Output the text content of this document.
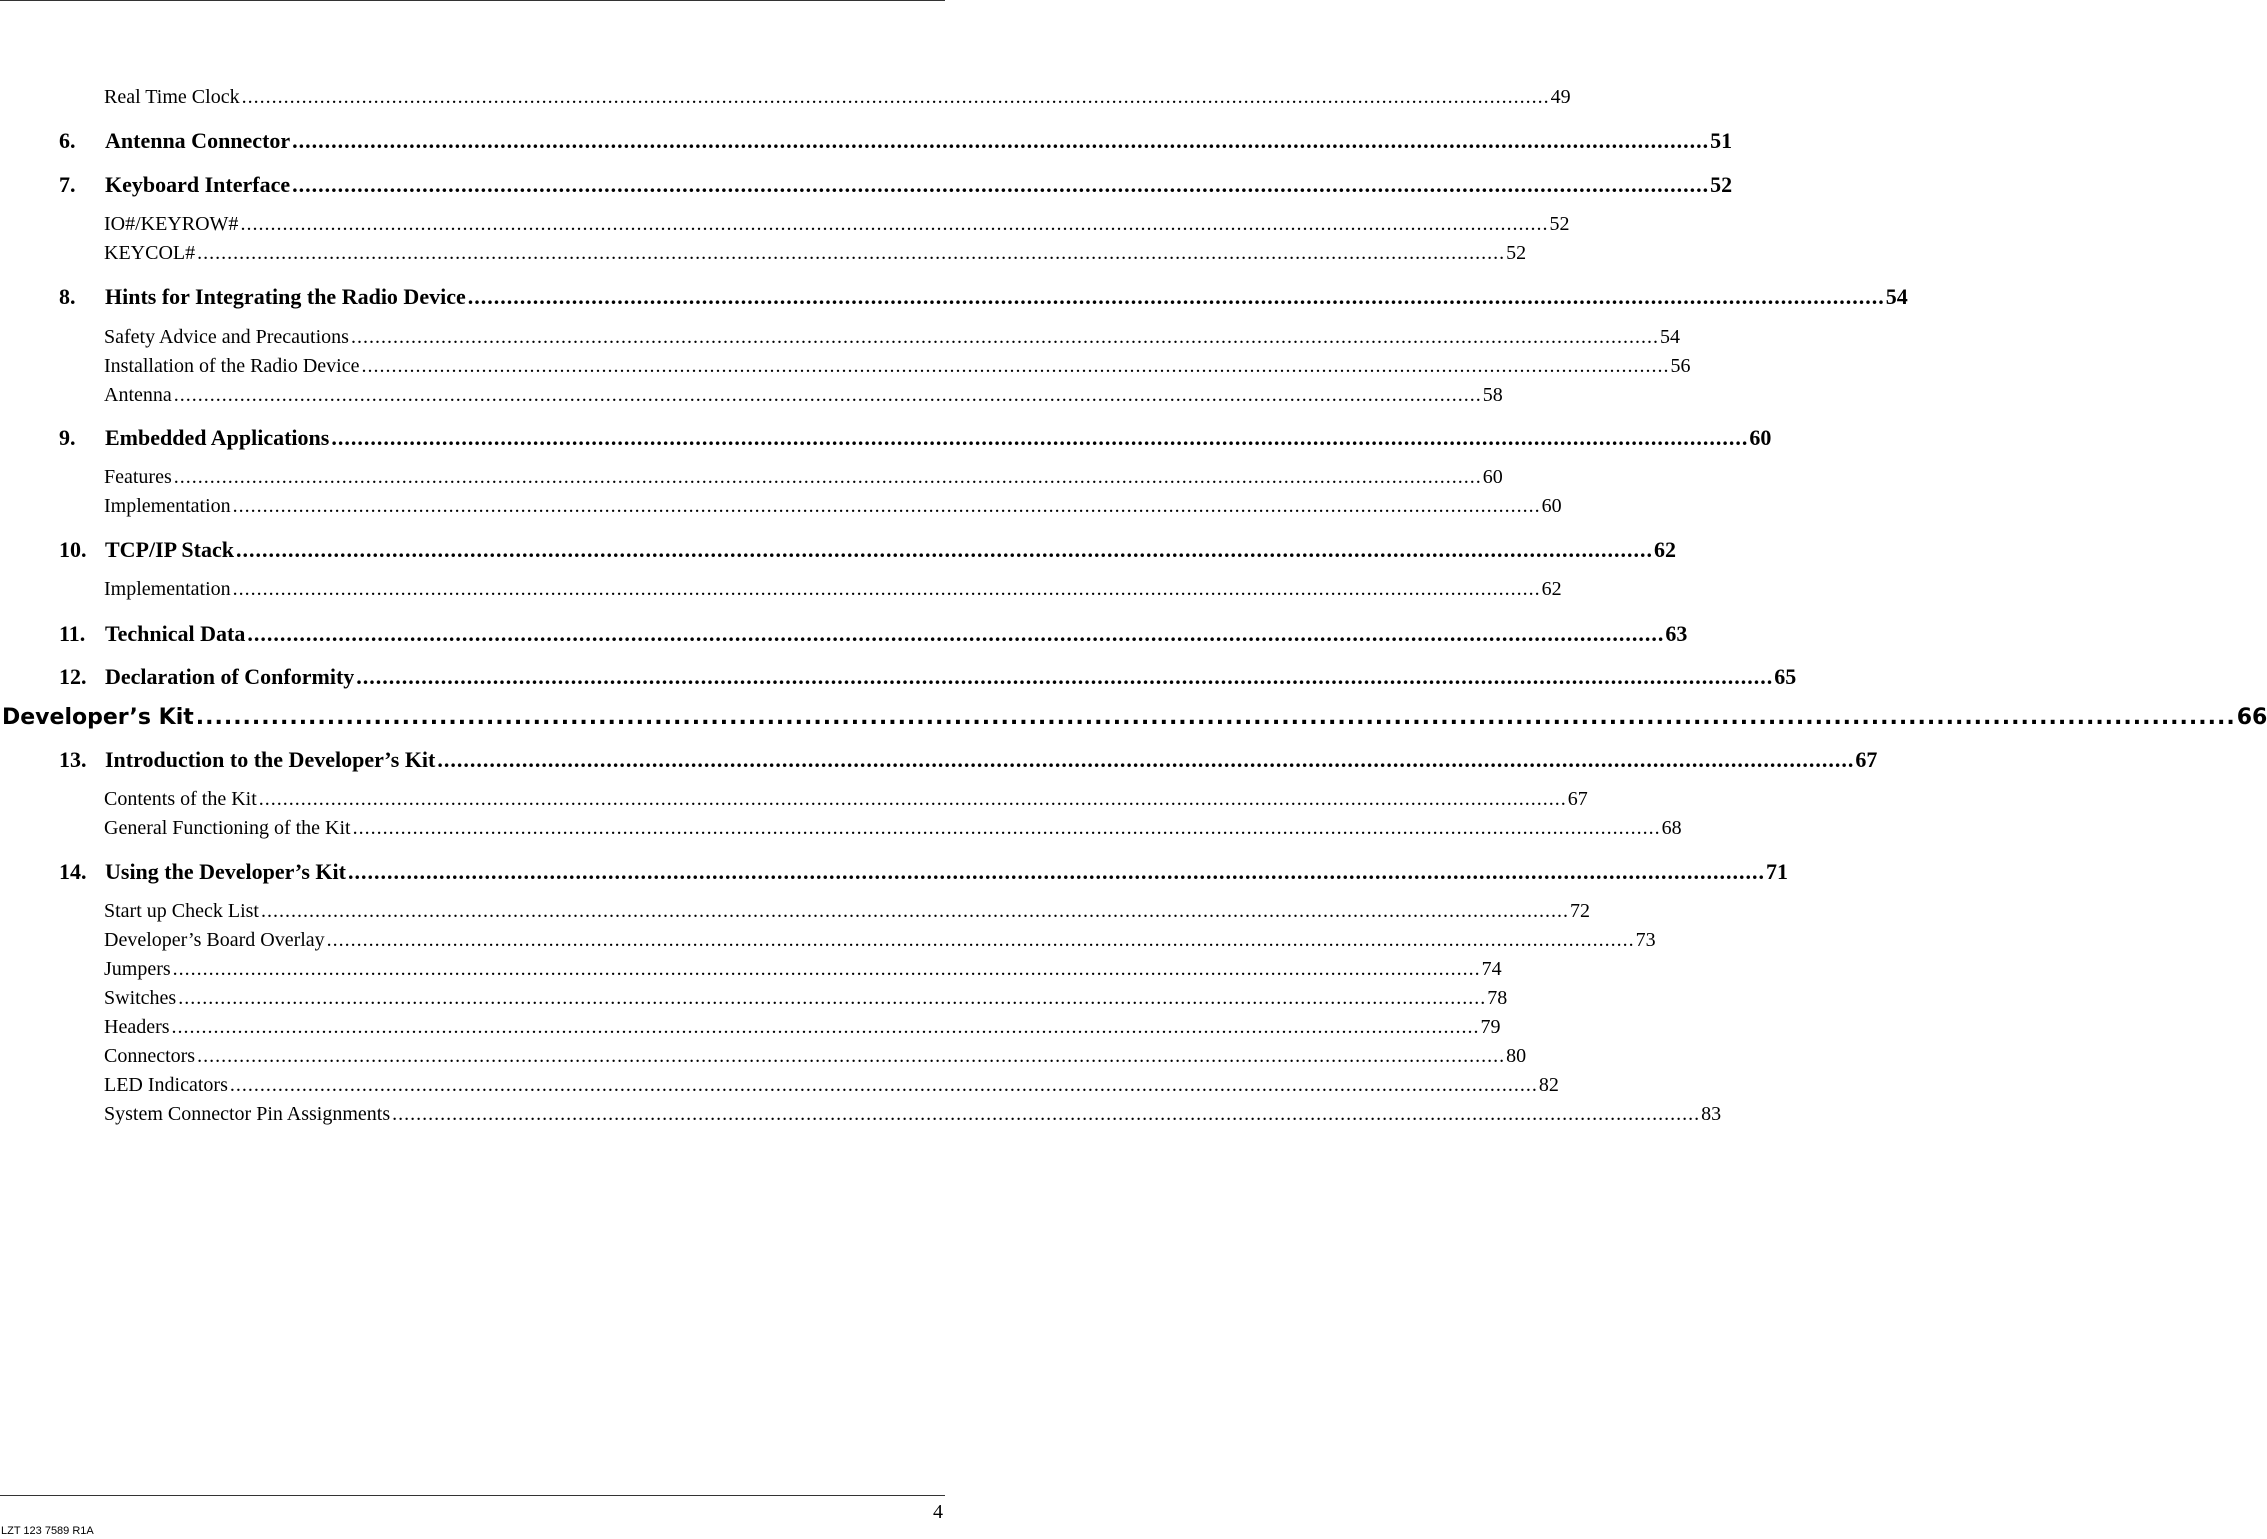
Real Time Clock .......................................................................................................................................................................................................................... 49
6.	Antenna Connector .......................................................................................................................................................................................................................... 51
7.	Keyboard Interface .......................................................................................................................................................................................................................... 52
IO#/KEYROW# .......................................................................................................................................................................................................................... 52
KEYCOL# .......................................................................................................................................................................................................................... 52
8.	Hints for Integrating the Radio Device .......................................................................................................................................................................................................................... 54
Safety Advice and Precautions .......................................................................................................................................................................................................................... 54
Installation of the Radio Device .......................................................................................................................................................................................................................... 56
Antenna .......................................................................................................................................................................................................................... 58
9.	Embedded Applications .......................................................................................................................................................................................................................... 60
Features .......................................................................................................................................................................................................................... 60
Implementation .......................................................................................................................................................................................................................... 60
10. TCP/IP Stack .......................................................................................................................................................................................................................... 62
Implementation .......................................................................................................................................................................................................................... 62
11. Technical Data .......................................................................................................................................................................................................................... 63
12. Declaration of Conformity .......................................................................................................................................................................................................................... 65
Developer’s Kit .......................................................................................................................................................................................................................... 66
13. Introduction to the Developer’s Kit .......................................................................................................................................................................................................................... 67
Contents of the Kit .......................................................................................................................................................................................................................... 67
General Functioning of the Kit .......................................................................................................................................................................................................................... 68
14. Using the Developer’s Kit .......................................................................................................................................................................................................................... 71
Start up Check List .......................................................................................................................................................................................................................... 72
Developer’s Board Overlay .......................................................................................................................................................................................................................... 73
Jumpers .......................................................................................................................................................................................................................... 74
Switches .......................................................................................................................................................................................................................... 78
Headers .......................................................................................................................................................................................................................... 79
Connectors .......................................................................................................................................................................................................................... 80
LED Indicators .......................................................................................................................................................................................................................... 82
System Connector Pin Assignments .......................................................................................................................................................................................................................... 83
4
LZT 123 7589 R1A
